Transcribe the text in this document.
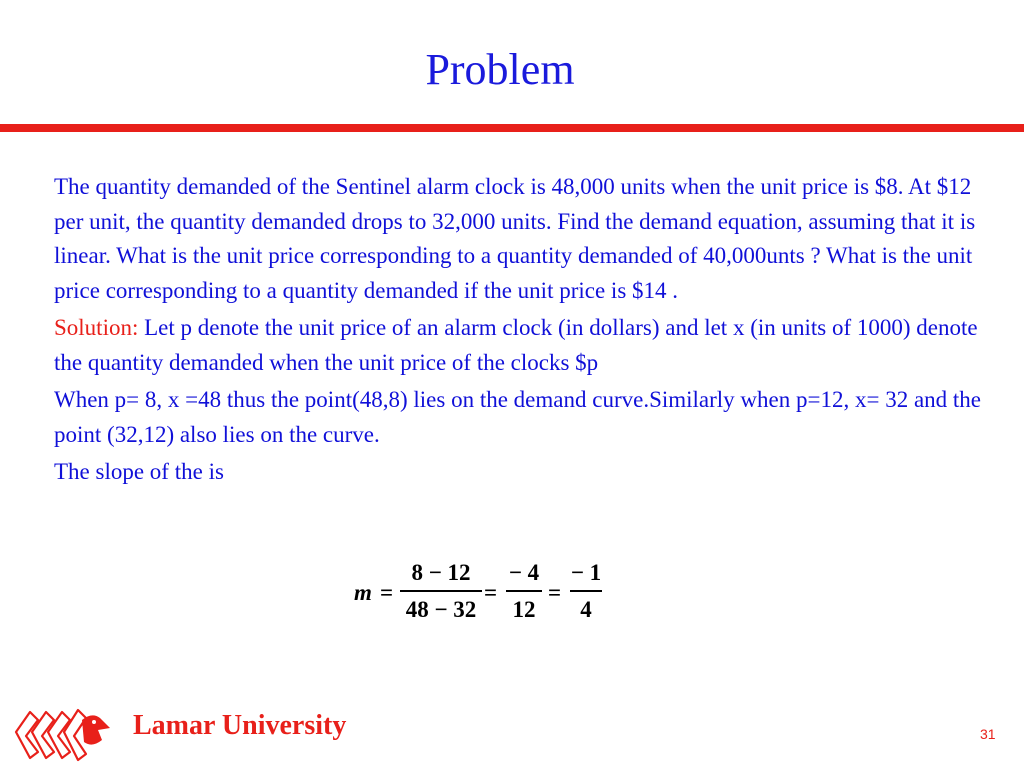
Problem

The quantity demanded of the Sentinel alarm clock is 48,000 units when the unit price is $8. At $12 per unit, the quantity demanded drops to 32,000 units. Find the demand equation, assuming that it is linear. What is the unit price corresponding to a quantity demanded of 40,000unts ? What is the unit price corresponding to a quantity demanded if the unit price is $14 .

Solution: Let p denote the unit price of an alarm clock (in dollars) and let x (in units of 1000) denote the quantity demanded when the unit price of the clocks $p

When p= 8, x =48 thus the point(48,8) lies on the demand curve.Similarly when p=12, x= 32 and the point (32,12) also lies on the curve.

The slope of the is

$m = \frac{8 - 12}{48 - 32} = \frac{- 4}{12} = \frac{- 1}{4}$
Lamar University	31
